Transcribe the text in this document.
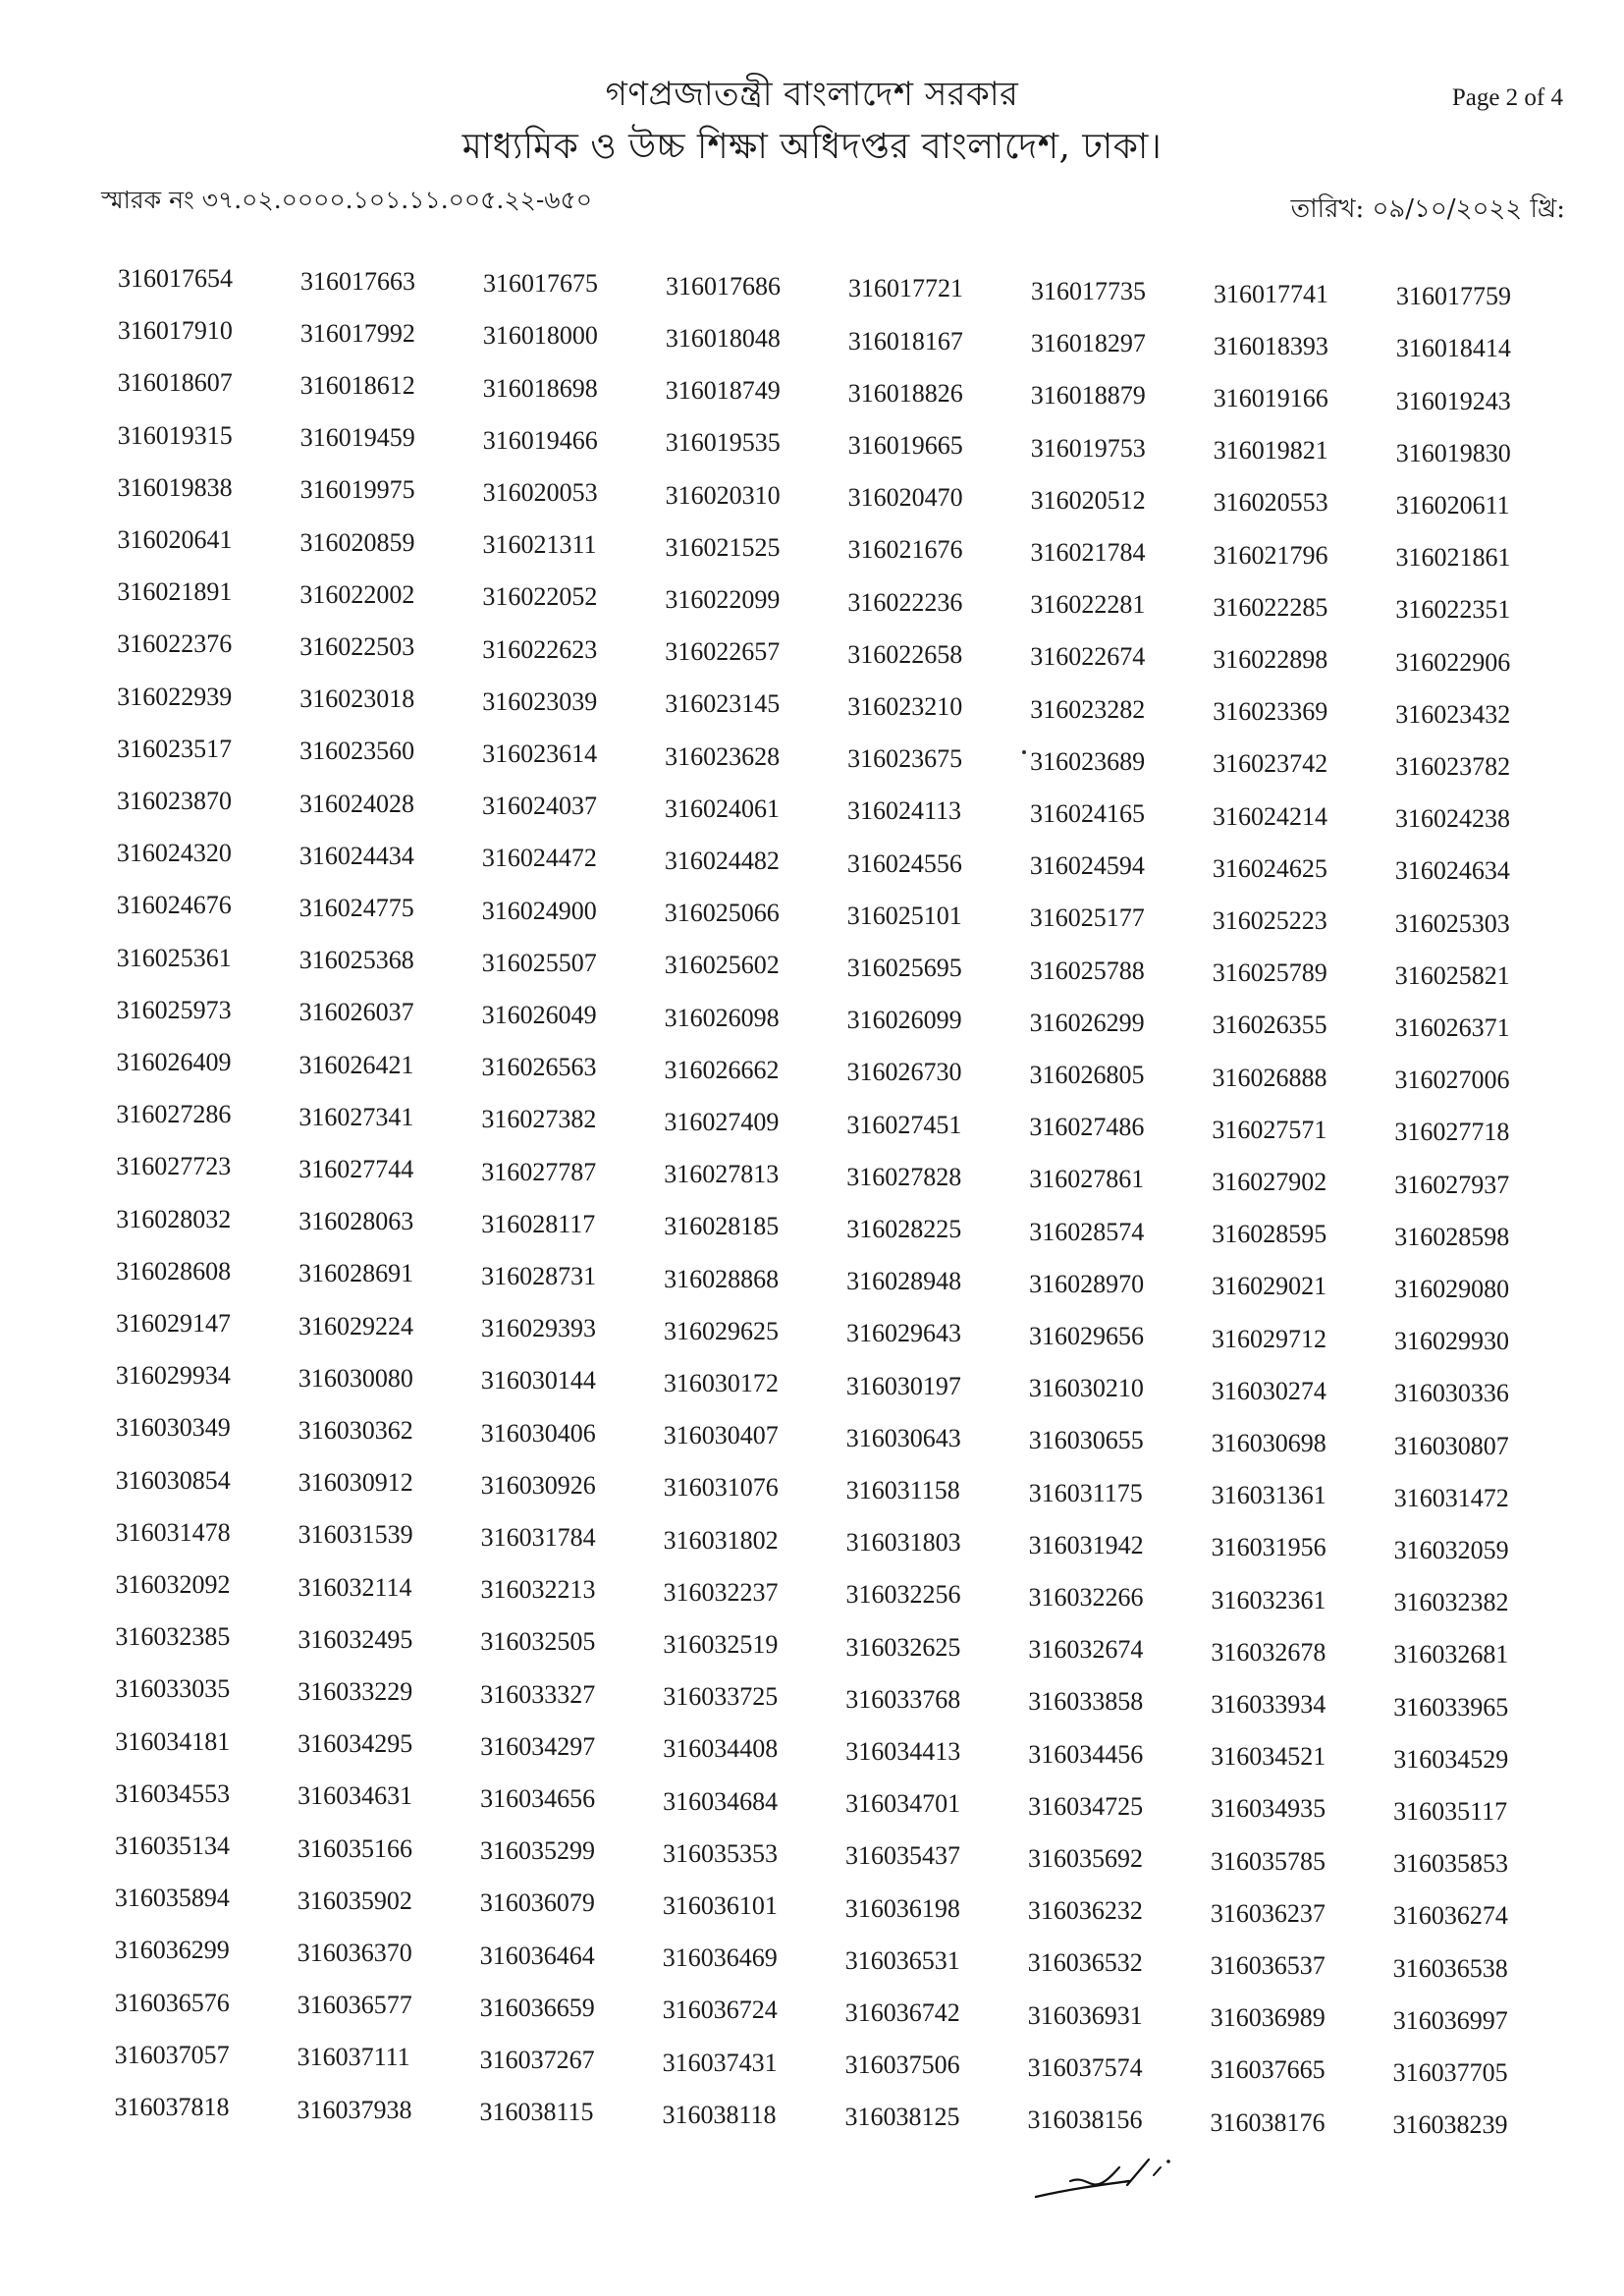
গণপ্রজাতন্ত্রী বাংলাদেশ সরকার
মাধ্যমিক ও উচ্চ শিক্ষা অধিদপ্তর বাংলাদেশ, ঢাকা।
Page 2 of 4
স্মারক নং ৩৭.০২.০০০০.১০১.১১.০০৫.২২-৬৫০	তারিখ: ০৯/১০/২০২২ খ্রি:
316017654	316017663	316017675	316017686	316017721	316017735	316017741	316017759
316017910	316017992	316018000	316018048	316018167	316018297	316018393	316018414
316018607	316018612	316018698	316018749	316018826	316018879	316019166	316019243
316019315	316019459	316019466	316019535	316019665	316019753	316019821	316019830
316019838	316019975	316020053	316020310	316020470	316020512	316020553	316020611
316020641	316020859	316021311	316021525	316021676	316021784	316021796	316021861
316021891	316022002	316022052	316022099	316022236	316022281	316022285	316022351
316022376	316022503	316022623	316022657	316022658	316022674	316022898	316022906
316022939	316023018	316023039	316023145	316023210	316023282	316023369	316023432
316023517	316023560	316023614	316023628	316023675	316023689	316023742	316023782
316023870	316024028	316024037	316024061	316024113	316024165	316024214	316024238
316024320	316024434	316024472	316024482	316024556	316024594	316024625	316024634
316024676	316024775	316024900	316025066	316025101	316025177	316025223	316025303
316025361	316025368	316025507	316025602	316025695	316025788	316025789	316025821
316025973	316026037	316026049	316026098	316026099	316026299	316026355	316026371
316026409	316026421	316026563	316026662	316026730	316026805	316026888	316027006
316027286	316027341	316027382	316027409	316027451	316027486	316027571	316027718
316027723	316027744	316027787	316027813	316027828	316027861	316027902	316027937
316028032	316028063	316028117	316028185	316028225	316028574	316028595	316028598
316028608	316028691	316028731	316028868	316028948	316028970	316029021	316029080
316029147	316029224	316029393	316029625	316029643	316029656	316029712	316029930
316029934	316030080	316030144	316030172	316030197	316030210	316030274	316030336
316030349	316030362	316030406	316030407	316030643	316030655	316030698	316030807
316030854	316030912	316030926	316031076	316031158	316031175	316031361	316031472
316031478	316031539	316031784	316031802	316031803	316031942	316031956	316032059
316032092	316032114	316032213	316032237	316032256	316032266	316032361	316032382
316032385	316032495	316032505	316032519	316032625	316032674	316032678	316032681
316033035	316033229	316033327	316033725	316033768	316033858	316033934	316033965
316034181	316034295	316034297	316034408	316034413	316034456	316034521	316034529
316034553	316034631	316034656	316034684	316034701	316034725	316034935	316035117
316035134	316035166	316035299	316035353	316035437	316035692	316035785	316035853
316035894	316035902	316036079	316036101	316036198	316036232	316036237	316036274
316036299	316036370	316036464	316036469	316036531	316036532	316036537	316036538
316036576	316036577	316036659	316036724	316036742	316036931	316036989	316036997
316037057	316037111	316037267	316037431	316037506	316037574	316037665	316037705
316037818	316037938	316038115	316038118	316038125	316038156	316038176	316038239
